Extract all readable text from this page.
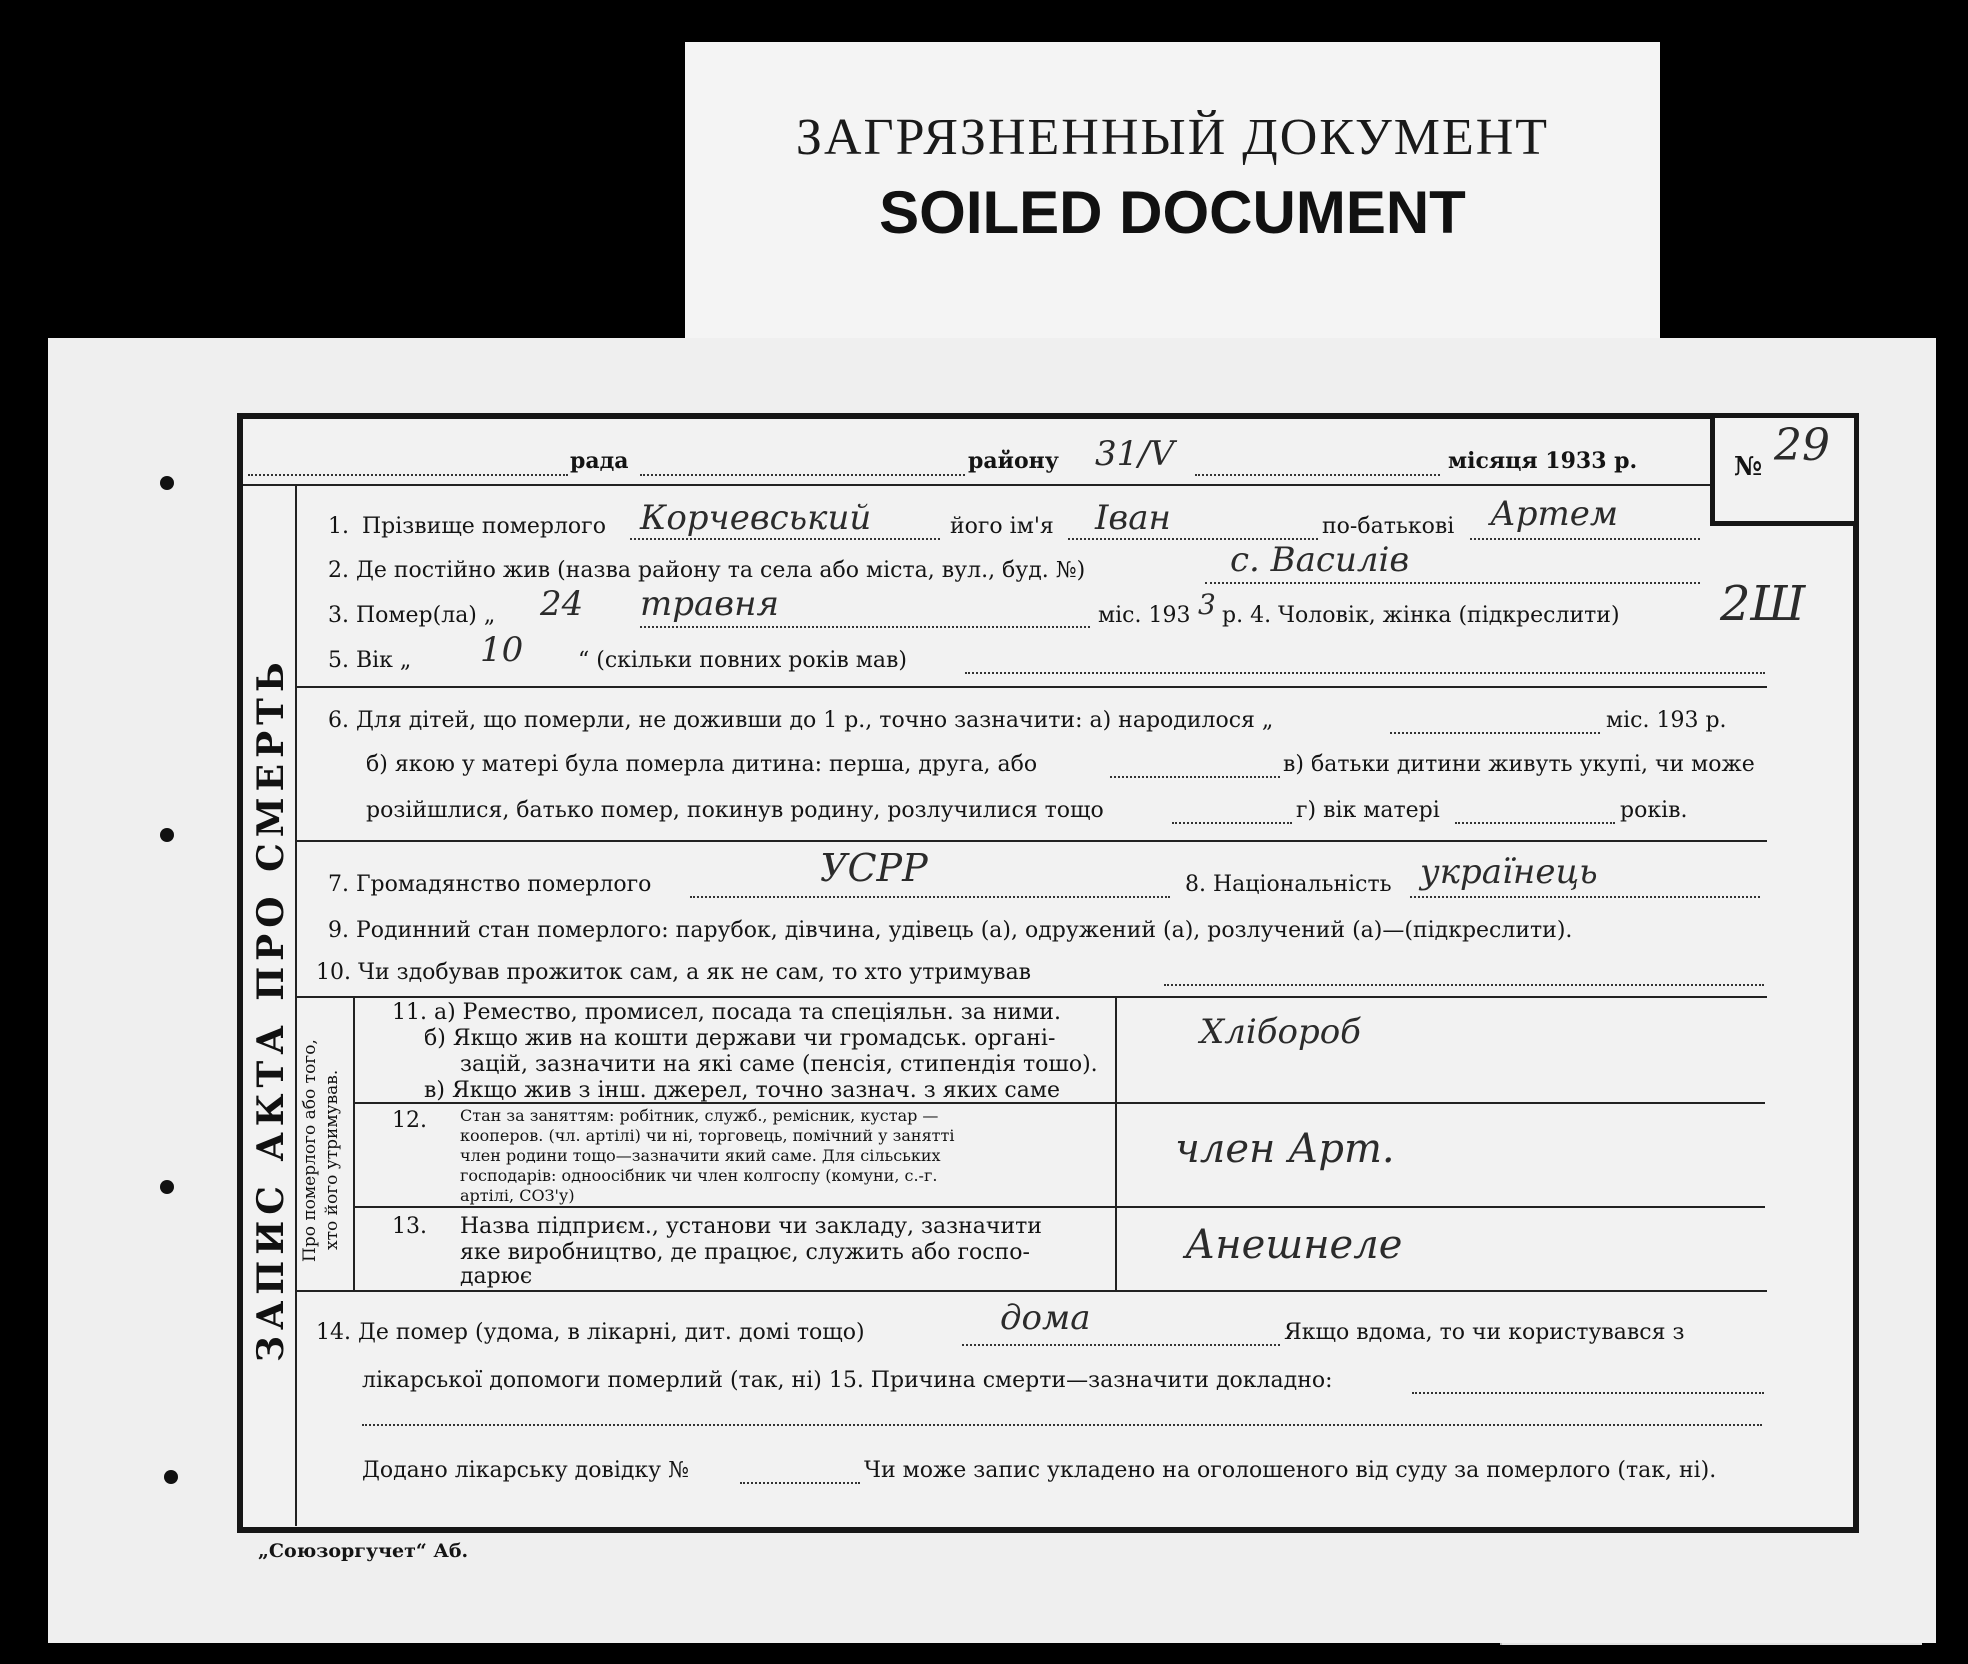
ЗАГРЯЗНЕННЫЙ ДОКУМЕНТ
SOILED DOCUMENT
рада	району 31/V	місяця 1933 р.	№ 29
ЗАПИС АКТА ПРО СМЕРТЬ Про померлого або того, хто його утримував.
1. Прізвище померлого Корчевський	його ім'я Іван	по-батькові Артем
2. Де постійно жив (назва району та села або міста, вул., буд. №)	с. Василів
3. Помер(ла) „ 24 травня	міс. 193 3 р. 4. Чоловік, жінка (підкреслити) 2Ш
5. Вік „ 10 “ (скільки повних років мав)
6. Для дітей, що померли, не доживши до 1 р., точно зазначити: а) народилося „	міс. 193 р.
б) якою у матері була померла дитина: перша, друга, або	в) батьки дитини живуть укупі, чи може
розійшлися, батько помер, покинув родину, розлучилися тощо	г) вік матері	років.
7. Громадянство померлого	УСРР	8. Національність українець
9. Родинний стан померлого: парубок, дівчина, удівець (а), одружений (а), розлучений (а)—(підкреслити).
10. Чи здобував прожиток сам, а як не сам, то хто утримував
11. а) Ремество, промисел, посада та спеціяльн. за ними.
б) Якщо жив на кошти держави чи громадськ. органі-
зацій, зазначити на які саме (пенсія, стипендія тошо).
в) Якщо жив з інш. джерел, точно зазнач. з яких саме
Хлібороб
12. Стан за заняттям: робітник, служб., ремісник, кустар —
кооперов. (чл. артілі) чи ні, торговець, помічний у занятті
член родини тощо—зазначити який саме. Для сільських
господарів: одноосібник чи член колгоспу (комуни, с.-г.
артілі, СОЗ'у)
член Арт.
13. Назва підприєм., установи чи закладу, зазначити
яке виробництво, де працює, служить або госпо-
дарює
Анешнеле
14. Де помер (удома, в лікарні, дит. домі тощо)	дома	Якщо вдома, то чи користувався з
лікарської допомоги померлий (так, ні) 15. Причина смерти—зазначити докладно:
Додано лікарську довідку №	Чи може запис укладено на оголошеного від суду за померлого (так, ні).
„Союзоргучет“ Аб.
